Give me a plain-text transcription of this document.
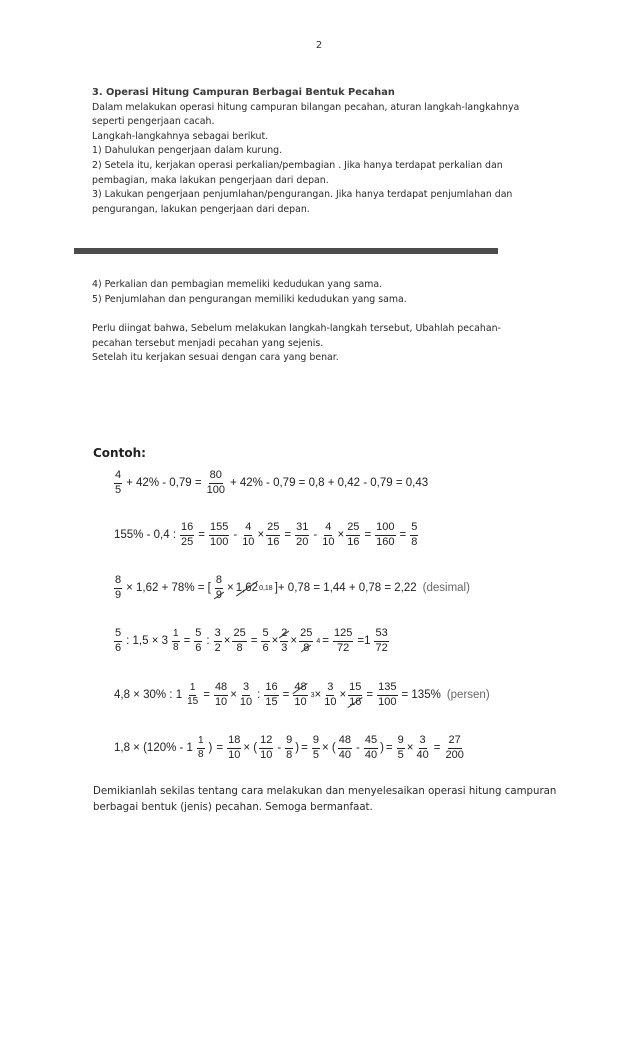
2

3. Operasi Hitung Campuran Berbagai Bentuk Pecahan

Dalam melakukan operasi hitung campuran bilangan pecahan, aturan langkah-langkahnya

seperti pengerjaan cacah.

Langkah-langkahnya sebagai berikut.

1) Dahulukan pengerjaan dalam kurung.

2) Setela itu, kerjakan operasi perkalian/pembagian . Jika hanya terdapat perkalian dan

pembagian, maka lakukan pengerjaan dari depan.

3) Lakukan pengerjaan penjumlahan/pengurangan. Jika hanya terdapat penjumlahan dan

pengurangan, lakukan pengerjaan dari depan.

4) Perkalian dan pembagian memeliki kedudukan yang sama.

5) Penjumlahan dan pengurangan memiliki kedudukan yang sama.

Perlu diingat bahwa, Sebelum melakukan langkah-langkah tersebut, Ubahlah pecahan-

pecahan tersebut menjadi pecahan yang sejenis.

Setelah itu kerjakan sesuai dengan cara yang benar.

Contoh:
$\frac{4}{5} + 42\% - 0,79 = \frac{80}{100} + 42\% - 0,79 = 0,8 + 0,42 - 0,79 = 0,43$
155% - 0,4 : $\frac{16}{25} = \frac{155}{100} - \frac{4}{10} \times \frac{25}{16} = \frac{31}{20} - \frac{4}{10} \times \frac{25}{16} = \frac{100}{160} = \frac{5}{8}$
$\frac{8}{9} \times 1,62 + 78\%$ = [ $\frac{8}{9} \times 1,62$ 0,18 ]+ 0,78 = 1,44 + 0,78 = 2,22 (desimal)
$\frac{5}{6}$ : $1,5 \times 3 \frac{1}{8} = \frac{5}{6}$ : $\frac{3}{2} \times \frac{25}{8} = \frac{5}{6} \times \frac{2}{3} \times \frac{25}{8} 4 = \frac{125}{72} =1 \frac{53}{72}$
4,8 × 30% : $1 \frac{1}{15} = \frac{48}{10} \times \frac{3}{10}$ : $\frac{16}{15} = \frac{48}{10} 3 \times \frac{3}{10} \times \frac{15}{16} = \frac{135}{100} = 135\%$ (persen)
$1,8 \times (120\% - 1 \frac{1}{8}$ ) = $\frac{18}{10}$ × ( $\frac{12}{10} - \frac{9}{8}$ ) = $\frac{9}{5}$ × ( $\frac{48}{40} - \frac{45}{40}$ ) = $\frac{9}{5} \times \frac{3}{40} = \frac{27}{200}$

Demikianlah sekilas tentang cara melakukan dan menyelesaikan operasi hitung campuran

berbagai bentuk (jenis) pecahan. Semoga bermanfaat.
